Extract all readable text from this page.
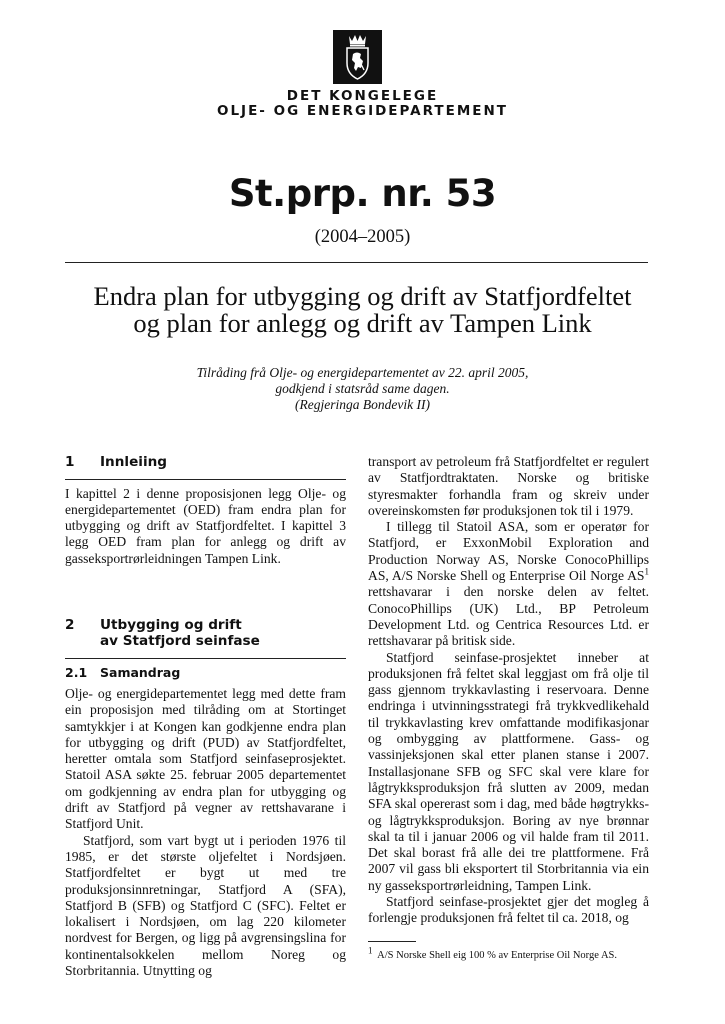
DET KONGELEGE
OLJE- OG ENERGIDEPARTEMENT
St.prp. nr. 53
(2004–2005)
Endra plan for utbygging og drift av Statfjordfeltet
og plan for anlegg og drift av Tampen Link
Tilråding frå Olje- og energidepartementet av 22. april 2005,
godkjend i statsråd same dagen.
(Regjeringa Bondevik II)
1 Innleiing

I kapittel 2 i denne proposisjonen legg Olje- og energidepartementet (OED) fram endra plan for utbygging og drift av Statfjordfeltet. I kapittel 3 legg OED fram plan for anlegg og drift av gasseksportrørleidningen Tampen Link.

2 Utbygging og drift
av Statfjord seinfase
2.1 Samandrag

Olje- og energidepartementet legg med dette fram ein proposisjon med tilråding om at Stortinget samtykkjer i at Kongen kan godkjenne endra plan for utbygging og drift (PUD) av Statfjordfeltet, heretter omtala som Statfjord seinfaseprosjektet. Statoil ASA søkte 25. februar 2005 departementet om godkjenning av endra plan for utbygging og drift av Statfjord på vegner av rettshavarane i Statfjord Unit.

Statfjord, som vart bygt ut i perioden 1976 til 1985, er det største oljefeltet i Nordsjøen. Statfjordfeltet er bygt ut med tre produksjonsinnretningar, Statfjord A (SFA), Statfjord B (SFB) og Statfjord C (SFC). Feltet er lokalisert i Nordsjøen, om lag 220 kilometer nordvest for Bergen, og ligg på avgrensingslina for kontinentalsokkelen mellom Noreg og Storbritannia. Utnytting og

transport av petroleum frå Statfjordfeltet er regulert av Statfjordtraktaten. Norske og britiske styresmakter forhandla fram og skreiv under overeinskomsten før produksjonen tok til i 1979.

I tillegg til Statoil ASA, som er operatør for Statfjord, er ExxonMobil Exploration and Production Norway AS, Norske ConocoPhillips AS, A/S Norske Shell og Enterprise Oil Norge $AS^1$ rettshavarar i den norske delen av feltet. ConocoPhillips (UK) Ltd., BP Petroleum Development Ltd. og Centrica Resources Ltd. er rettshavarar på britisk side.

Statfjord seinfase-prosjektet inneber at produksjonen frå feltet skal leggjast om frå olje til gass gjennom trykkavlasting i reservoara. Denne endringa i utvinningsstrategi frå trykkvedlikehald til trykkavlasting krev omfattande modifikasjonar og ombygging av plattformene. Gass- og vassinjeksjonen skal etter planen stanse i 2007. Installasjonane SFB og SFC skal vere klare for lågtrykksproduksjon frå slutten av 2009, medan SFA skal opererast som i dag, med både høgtrykks- og lågtrykksproduksjon. Boring av nye brønnar skal ta til i januar 2006 og vil halde fram til 2011. Det skal borast frå alle dei tre plattformene. Frå 2007 vil gass bli eksportert til Storbritannia via ein ny gasseksportrørleidning, Tampen Link.

Statfjord seinfase-prosjektet gjer det mogleg å forlengje produksjonen frå feltet til ca. 2018, og

$^1$ A/S Norske Shell eig 100 % av Enterprise Oil Norge AS.
